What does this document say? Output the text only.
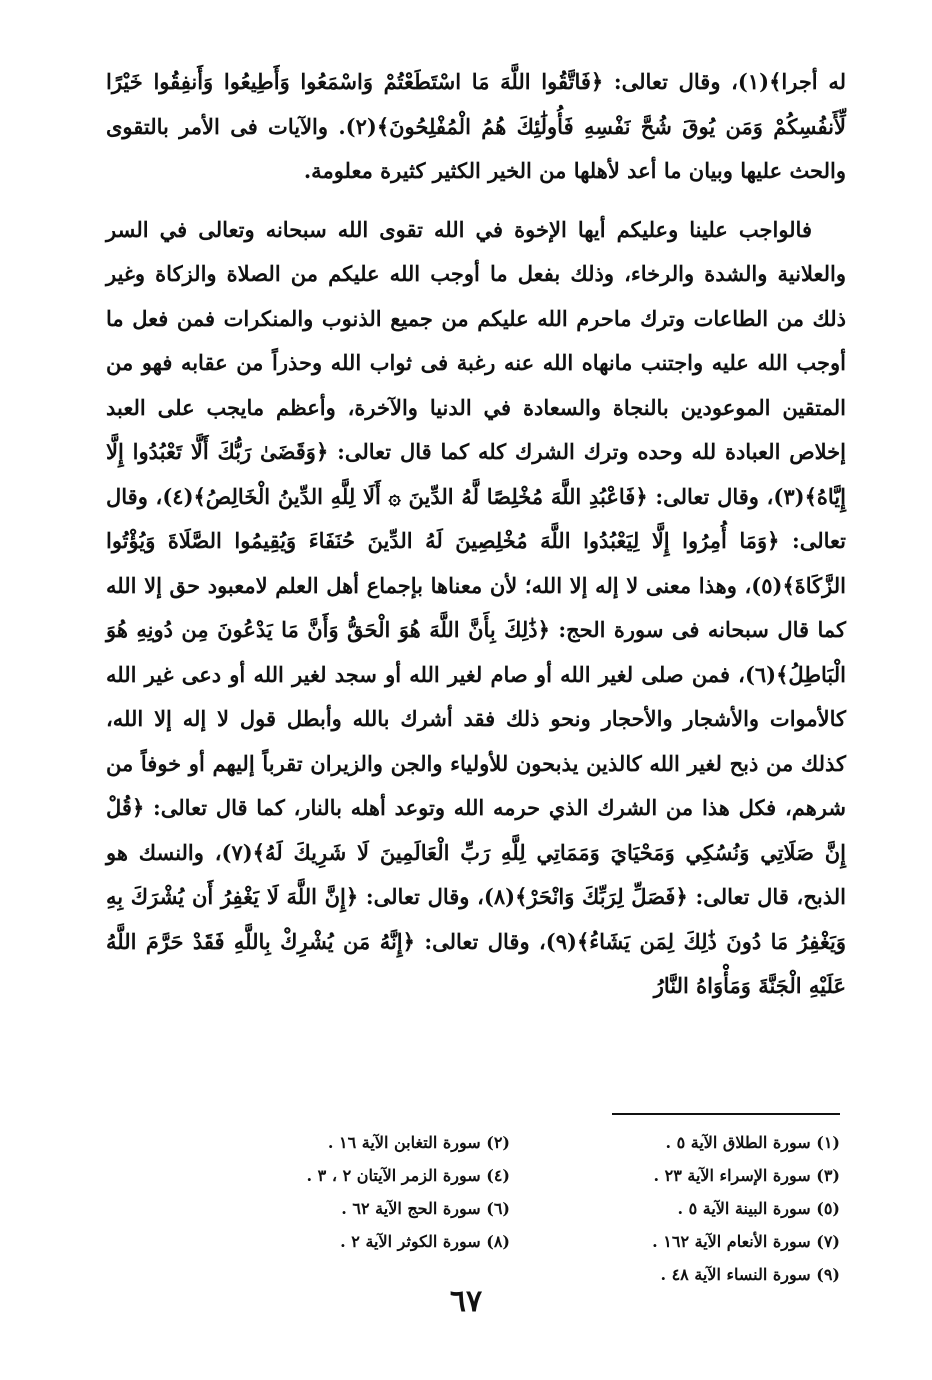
له أجرا﴾(١)، وقال تعالى: ﴿فَاتَّقُوا اللَّهَ مَا اسْتَطَعْتُمْ وَاسْمَعُوا وَأَطِيعُوا وَأَنفِقُوا خَيْرًا لِّأَنفُسِكُمْ وَمَن يُوقَ شُحَّ نَفْسِهِ فَأُولَٰئِكَ هُمُ الْمُفْلِحُونَ﴾(٢). والآيات فى الأمر بالتقوى والحث عليها وبيان ما أعد لأهلها من الخير الكثير كثيرة معلومة.

فالواجب علينا وعليكم أيها الإخوة في الله تقوى الله سبحانه وتعالى في السر والعلانية والشدة والرخاء، وذلك بفعل ما أوجب الله عليكم من الصلاة والزكاة وغير ذلك من الطاعات وترك ماحرم الله عليكم من جميع الذنوب والمنكرات فمن فعل ما أوجب الله عليه واجتنب مانهاه الله عنه رغبة فى ثواب الله وحذراً من عقابه فهو من المتقين الموعودين بالنجاة والسعادة في الدنيا والآخرة، وأعظم مايجب على العبد إخلاص العبادة لله وحده وترك الشرك كله كما قال تعالى: ﴿وَقَضَىٰ رَبُّكَ أَلَّا تَعْبُدُوا إِلَّا إِيَّاهُ﴾(٣)، وقال تعالى: ﴿فَاعْبُدِ اللَّهَ مُخْلِصًا لَّهُ الدِّينَ ۞ أَلَا لِلَّهِ الدِّينُ الْخَالِصُ﴾(٤)، وقال تعالى: ﴿وَمَا أُمِرُوا إِلَّا لِيَعْبُدُوا اللَّهَ مُخْلِصِينَ لَهُ الدِّينَ حُنَفَاءَ وَيُقِيمُوا الصَّلَاةَ وَيُؤْتُوا الزَّكَاةَ﴾(٥)، وهذا معنى لا إله إلا الله؛ لأن معناها بإجماع أهل العلم لامعبود حق إلا الله كما قال سبحانه فى سورة الحج: ﴿ذَٰلِكَ بِأَنَّ اللَّهَ هُوَ الْحَقُّ وَأَنَّ مَا يَدْعُونَ مِن دُونِهِ هُوَ الْبَاطِلُ﴾(٦)، فمن صلى لغير الله أو صام لغير الله أو سجد لغير الله أو دعى غير الله كالأموات والأشجار والأحجار ونحو ذلك فقد أشرك بالله وأبطل قول لا إله إلا الله، كذلك من ذبح لغير الله كالذين يذبحون للأولياء والجن والزيران تقرباً إليهم أو خوفاً من شرهم، فكل هذا من الشرك الذي حرمه الله وتوعد أهله بالنار، كما قال تعالى: ﴿قُلْ إِنَّ صَلَاتِي وَنُسُكِي وَمَحْيَايَ وَمَمَاتِي لِلَّهِ رَبِّ الْعَالَمِينَ لَا شَرِيكَ لَهُ﴾(٧)، والنسك هو الذبح، قال تعالى: ﴿فَصَلِّ لِرَبِّكَ وَانْحَرْ﴾(٨)، وقال تعالى: ﴿إِنَّ اللَّهَ لَا يَغْفِرُ أَن يُشْرَكَ بِهِ وَيَغْفِرُ مَا دُونَ ذَٰلِكَ لِمَن يَشَاءُ﴾(٩)، وقال تعالى: ﴿إِنَّهُ مَن يُشْرِكْ بِاللَّهِ فَقَدْ حَرَّمَ اللَّهُ عَلَيْهِ الْجَنَّةَ وَمَأْوَاهُ النَّارُ

(١) سورة الطلاق الآية ٥ .
(٣) سورة الإسراء الآية ٢٣ .
(٥) سورة البينة الآية ٥ .
(٧) سورة الأنعام الآية ١٦٢ .
(٩) سورة النساء الآية ٤٨ .
(٢) سورة التغابن الآية ١٦ .
(٤) سورة الزمر الآيتان ٢ ، ٣ .
(٦) سورة الحج الآية ٦٢ .
(٨) سورة الكوثر الآية ٢ .
٦٧
